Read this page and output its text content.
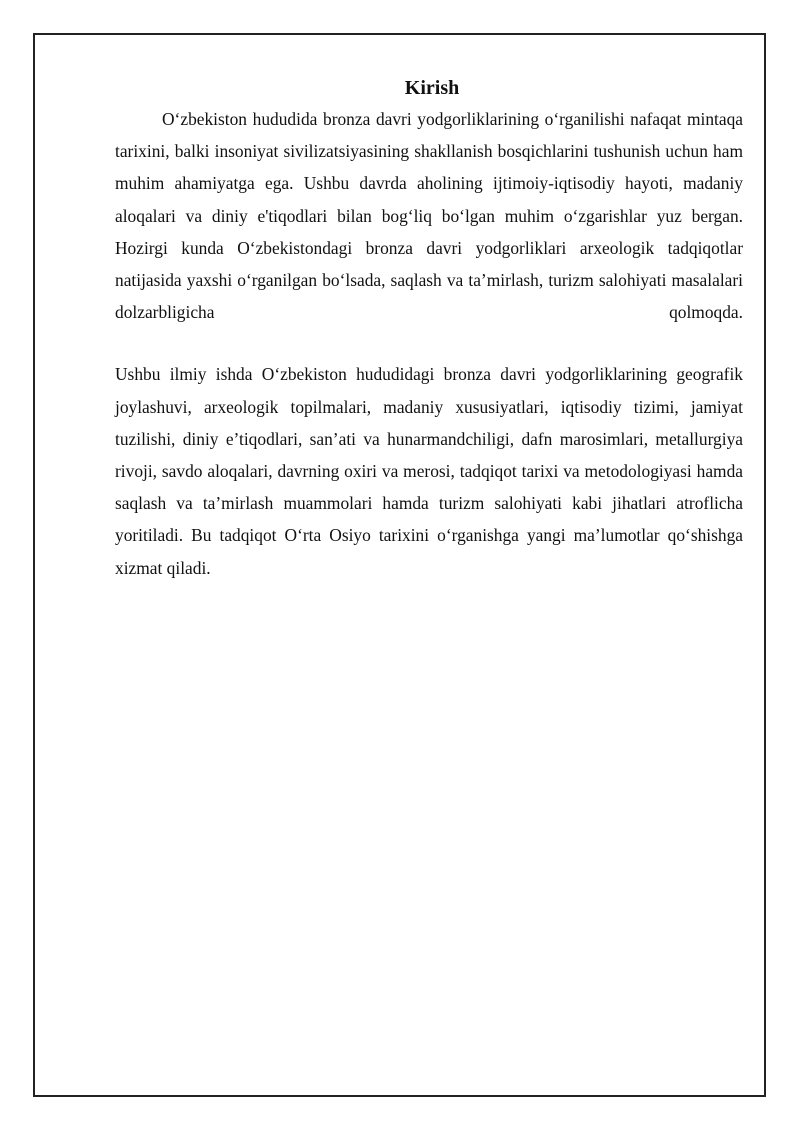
Kirish

O‘zbekiston hududida bronza davri yodgorliklarining o‘rganilishi nafaqat mintaqa tarixini, balki insoniyat sivilizatsiyasining shakllanish bosqichlarini tushunish uchun ham muhim ahamiyatga ega. Ushbu davrda aholining ijtimoiy-iqtisodiy hayoti, madaniy aloqalari va diniy e'tiqodlari bilan bog‘liq bo‘lgan muhim o‘zgarishlar yuz bergan. Hozirgi kunda O‘zbekistondagi bronza davri yodgorliklari arxeologik tadqiqotlar natijasida yaxshi o‘rganilgan bo‘lsada, saqlash va ta’mirlash, turizm salohiyati masalalari dolzarbligicha qolmoqda.

Ushbu ilmiy ishda O‘zbekiston hududidagi bronza davri yodgorliklarining geografik joylashuvi, arxeologik topilmalari, madaniy xususiyatlari, iqtisodiy tizimi, jamiyat tuzilishi, diniy e’tiqodlari, san’ati va hunarmandchiligi, dafn marosimlari, metallurgiya rivoji, savdo aloqalari, davrning oxiri va merosi, tadqiqot tarixi va metodologiyasi hamda saqlash va ta’mirlash muammolari hamda turizm salohiyati kabi jihatlari atroflicha yoritiladi. Bu tadqiqot O‘rta Osiyo tarixini o‘rganishga yangi ma’lumotlar qo‘shishga xizmat qiladi.
